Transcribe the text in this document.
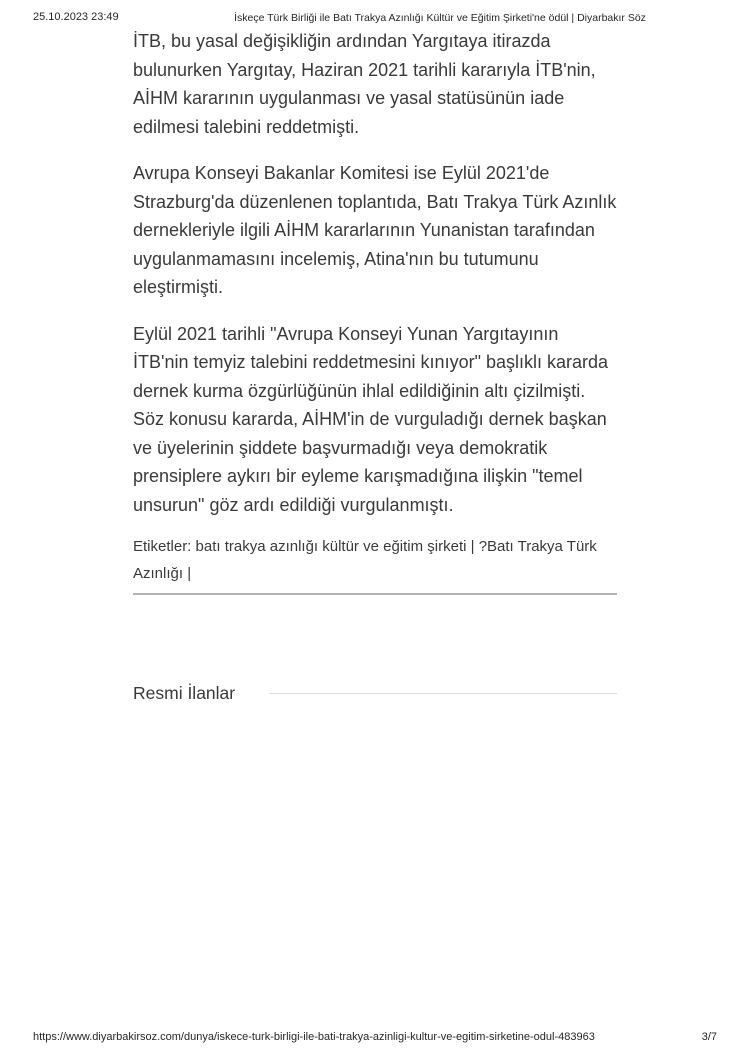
25.10.2023 23:49	İskeçe Türk Birliği ile Batı Trakya Azınlığı Kültür ve Eğitim Şirketi'ne ödül | Diyarbakır Söz

İTB, bu yasal değişikliğin ardından Yargıtaya itirazda bulunurken Yargıtay, Haziran 2021 tarihli kararıyla İTB'nin, AİHM kararının uygulanması ve yasal statüsünün iade edilmesi talebini reddetmişti.

Avrupa Konseyi Bakanlar Komitesi ise Eylül 2021'de Strazburg'da düzenlenen toplantıda, Batı Trakya Türk Azınlık dernekleriyle ilgili AİHM kararlarının Yunanistan tarafından uygulanmamasını incelemiş, Atina'nın bu tutumunu eleştirmişti.

Eylül 2021 tarihli "Avrupa Konseyi Yunan Yargıtayının İTB'nin temyiz talebini reddetmesini kınıyor" başlıklı kararda dernek kurma özgürlüğünün ihlal edildiğinin altı çizilmişti. Söz konusu kararda, AİHM'in de vurguladığı dernek başkan ve üyelerinin şiddete başvurmadığı veya demokratik prensiplere aykırı bir eyleme karışmadığına ilişkin "temel unsurun" göz ardı edildiği vurgulanmıştı.

Etiketler: batı trakya azınlığı kültür ve eğitim şirketi | ?Batı Trakya Türk Azınlığı |

Resmi İlanlar
https://www.diyarbakirsoz.com/dunya/iskece-turk-birligi-ile-bati-trakya-azinligi-kultur-ve-egitim-sirketine-odul-483963	3/7
